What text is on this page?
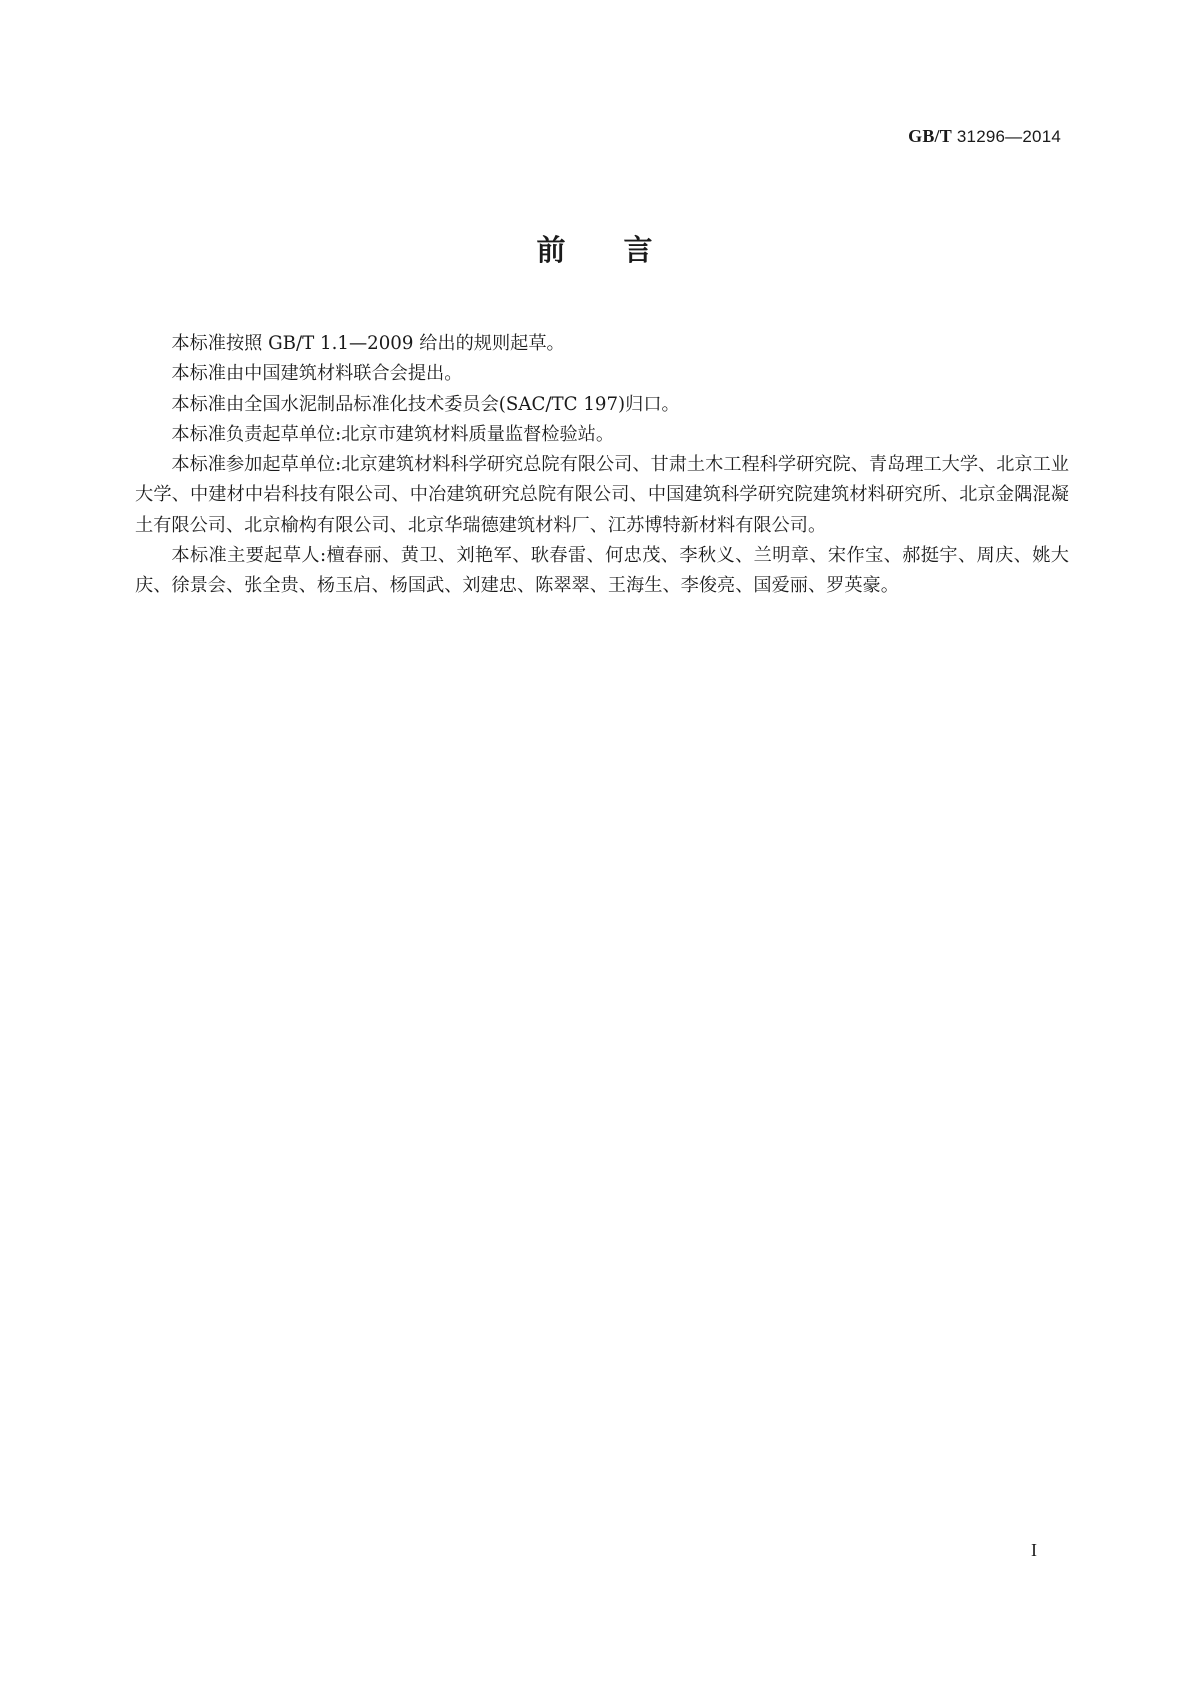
GB/T 31296—2014
前 言

本标准按照 GB/T 1.1—2009 给出的规则起草。

本标准由中国建筑材料联合会提出。

本标准由全国水泥制品标准化技术委员会(SAC/TC 197)归口。

本标准负责起草单位:北京市建筑材料质量监督检验站。

本标准参加起草单位:北京建筑材料科学研究总院有限公司、甘肃土木工程科学研究院、青岛理工大学、北京工业大学、中建材中岩科技有限公司、中冶建筑研究总院有限公司、中国建筑科学研究院建筑材料研究所、北京金隅混凝土有限公司、北京榆构有限公司、北京华瑞德建筑材料厂、江苏博特新材料有限公司。

本标准主要起草人:檀春丽、黄卫、刘艳军、耿春雷、何忠茂、李秋义、兰明章、宋作宝、郝挺宇、周庆、姚大庆、徐景会、张全贵、杨玉启、杨国武、刘建忠、陈翠翠、王海生、李俊亮、国爱丽、罗英豪。

I
